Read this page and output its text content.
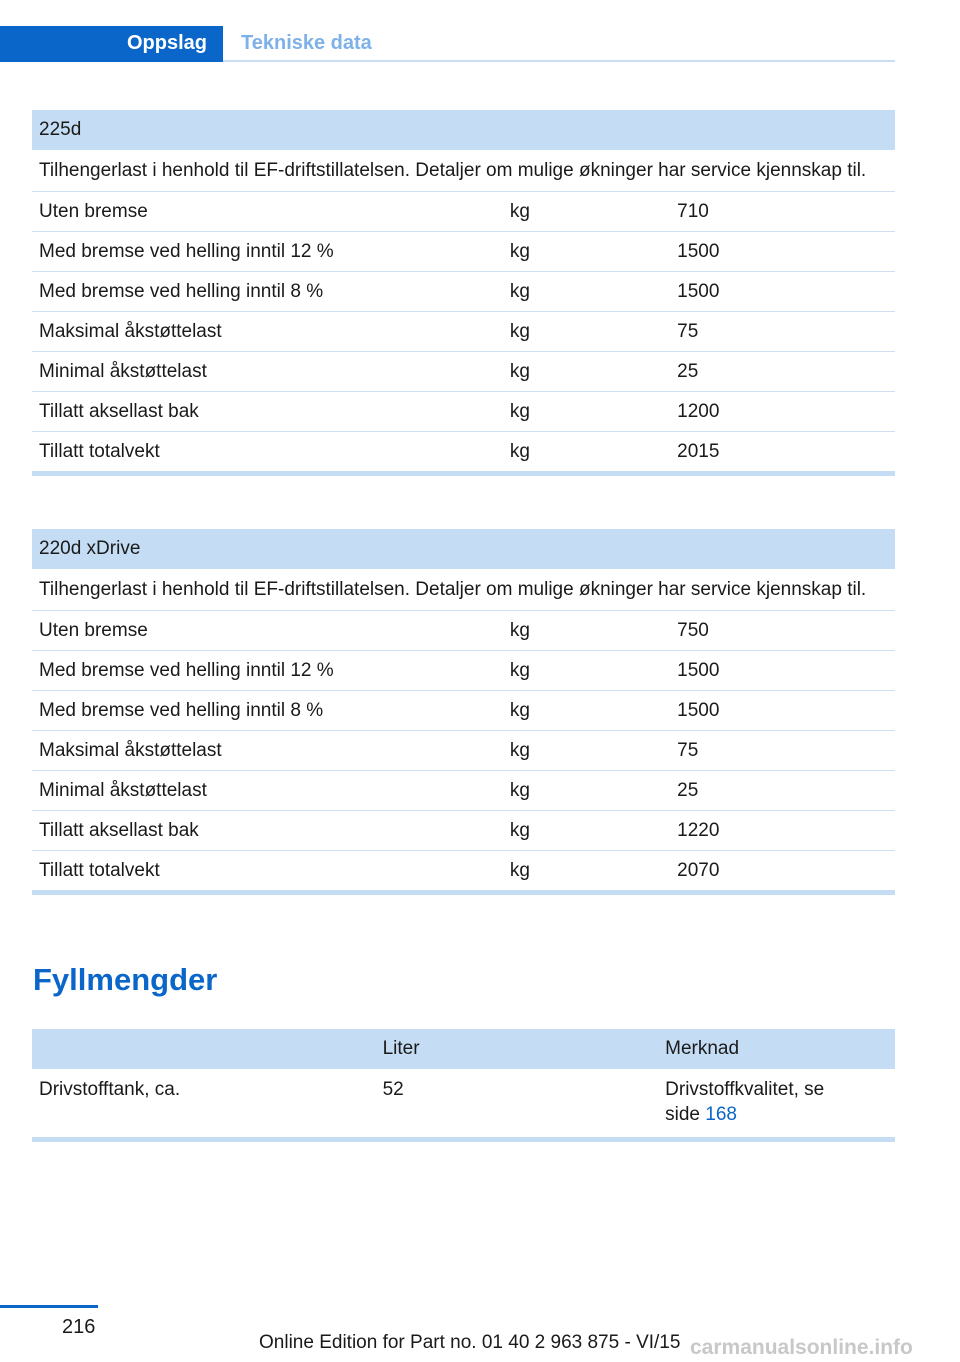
Oppslag	Tekniske data
225d		
Tilhengerlast i henhold til EF-driftstillatelsen. Detaljer om mulige økninger har service kjennskap til.		
Uten bremse	kg	710
Med bremse ved helling inntil 12 %	kg	1500
Med bremse ved helling inntil 8 %	kg	1500
Maksimal åkstøttelast	kg	75
Minimal åkstøttelast	kg	25
Tillatt aksellast bak	kg	1200
Tillatt totalvekt	kg	2015
220d xDrive		
Tilhengerlast i henhold til EF-driftstillatelsen. Detaljer om mulige økninger har service kjennskap til.		
Uten bremse	kg	750
Med bremse ved helling inntil 12 %	kg	1500
Med bremse ved helling inntil 8 %	kg	1500
Maksimal åkstøttelast	kg	75
Minimal åkstøttelast	kg	25
Tillatt aksellast bak	kg	1220
Tillatt totalvekt	kg	2070
Fyllmengder
	Liter	Merknad
Drivstofftank, ca.	52	Drivstoffkvalitet, se
side 168
216
Online Edition for Part no. 01 40 2 963 875 - VI/15 carmanualsonline.info
